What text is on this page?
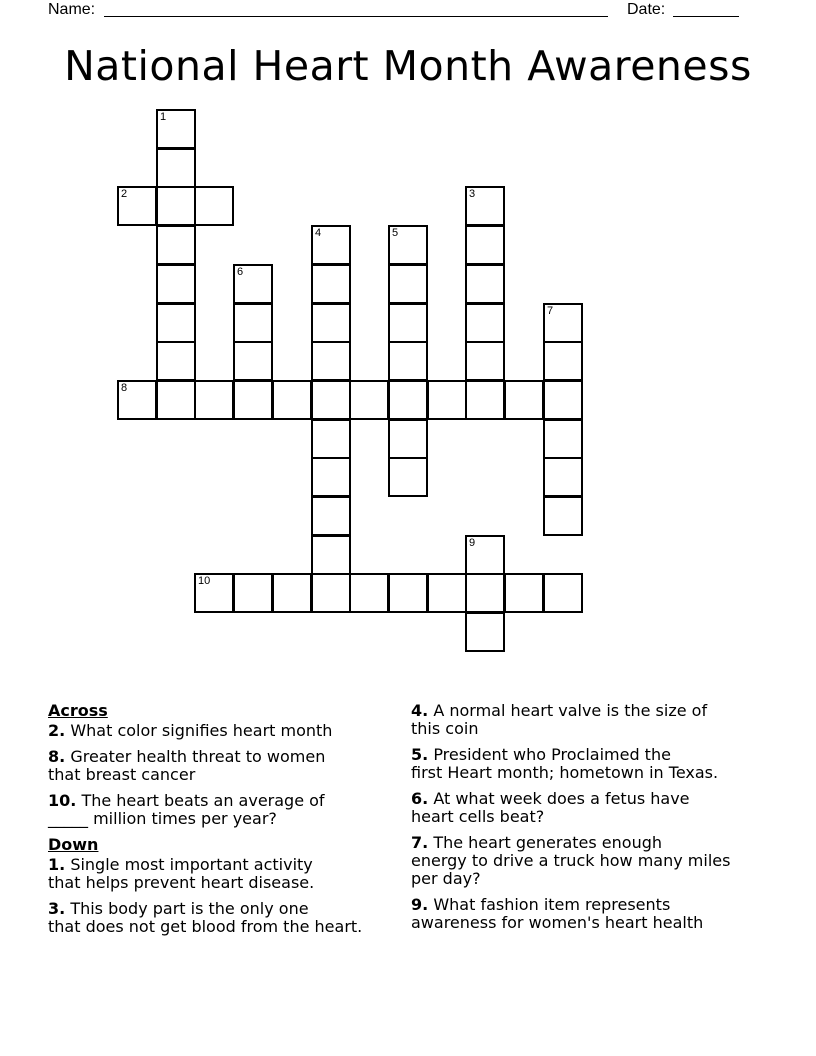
Name:	Date:
National Heart Month Awareness
1
2	3
4	5
6
7
8
9
10
Across
2. What color signifies heart month
8. Greater health threat to women
that breast cancer
10. The heart beats an average of
_____ million times per year?
Down
1. Single most important activity
that helps prevent heart disease.
3. This body part is the only one
that does not get blood from the heart.
4. A normal heart valve is the size of
this coin
5. President who Proclaimed the
first Heart month; hometown in Texas.
6. At what week does a fetus have
heart cells beat?
7. The heart generates enough
energy to drive a truck how many miles
per day?
9. What fashion item represents
awareness for women's heart health
